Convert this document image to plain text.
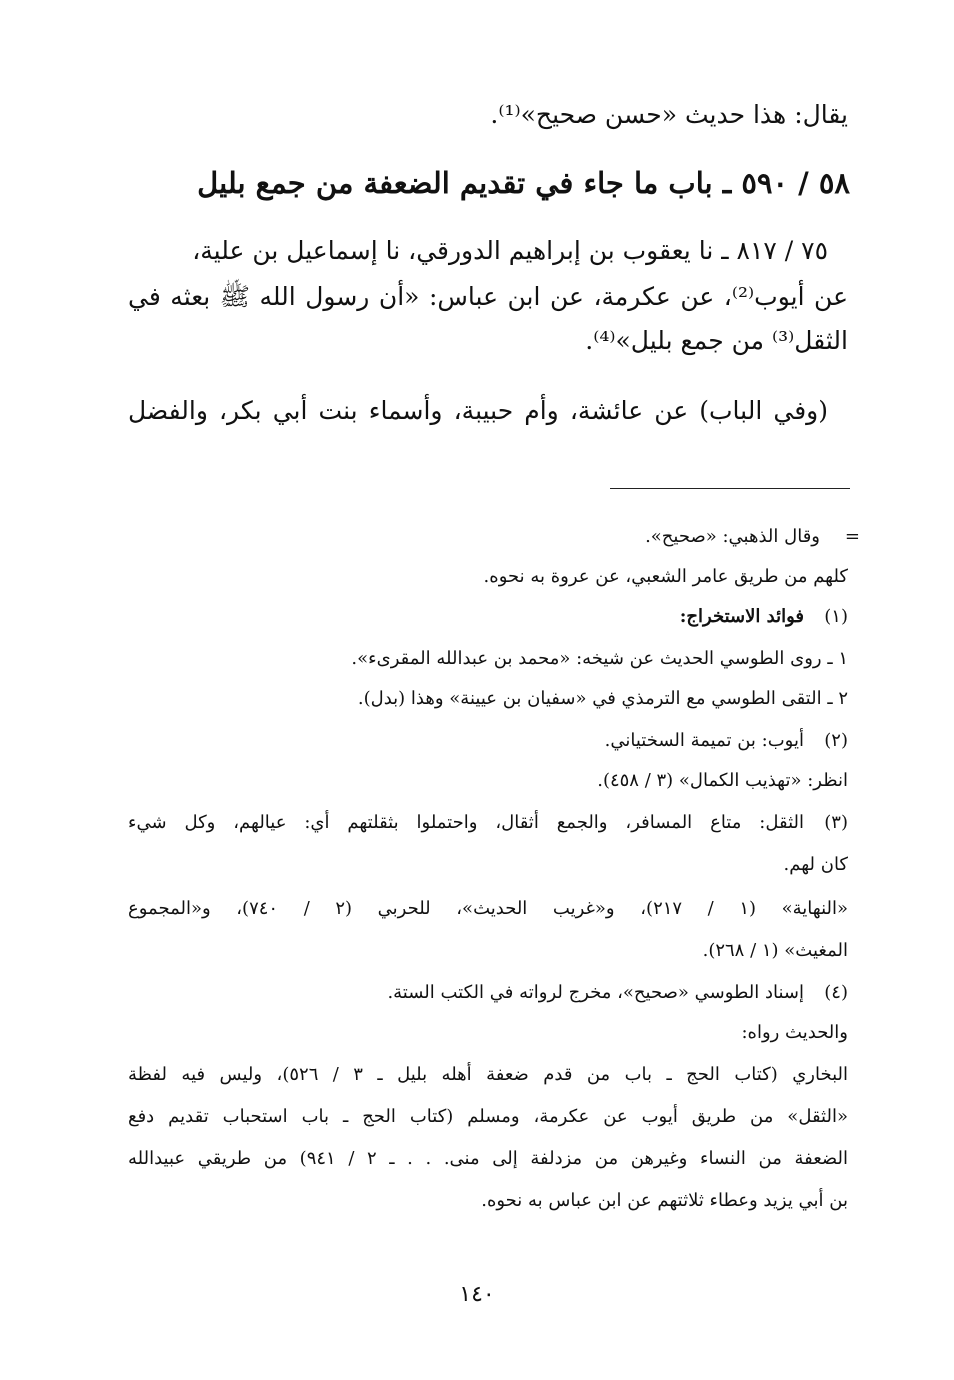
يقال: هذا حديث «حسن صحيح»⁽¹⁾.
٥٨ / ٥٩٠ ـ باب ما جاء في تقديم الضعفة من جمع بليل
٧٥ / ٨١٧ ـ نا يعقوب بن إبراهيم الدورقي، نا إسماعيل بن علية،
عن أيوب⁽²⁾، عن عكرمة، عن ابن عباس: «أن رسول الله ﷺ بعثه في
الثقل⁽³⁾ من جمع بليل»⁽⁴⁾.
(وفي الباب) عن عائشة، وأم حبيبة، وأسماء بنت أبي بكر، والفضل
=
وقال الذهبي: «صحيح».
كلهم من طريق عامر الشعبي، عن عروة به نحوه.
(١)
فوائد الاستخراج:
١ ـ روى الطوسي الحديث عن شيخه: «محمد بن عبدالله المقرىء».
٢ ـ التقى الطوسي مع الترمذي في «سفيان بن عيينة» وهذا (بدل).
(٢)
أيوب: بن تميمة السختياني.
انظر: «تهذيب الكمال» (٣ / ٤٥٨).
(٣)
الثقل: متاع المسافر، والجمع أثقال، واحتملوا بثقلتهم أي: عيالهم، وكل شيء
كان لهم.
«النهاية» (١ / ٢١٧)، و«غريب الحديث»، للحربي (٢ / ٧٤٠)، و«المجموع
المغيث» (١ / ٢٦٨).
(٤)
إسناد الطوسي «صحيح»، مخرج لرواته في الكتب الستة.
والحديث رواه:
البخاري (كتاب الحج ـ باب من قدم ضعفة أهله بليل ـ ٣ / ٥٢٦)، وليس فيه لفظة
«الثقل» من طريق أيوب عن عكرمة، ومسلم (كتاب الحج ـ باب استحباب تقديم دفع
الضعفة من النساء وغيرهن من مزدلفة إلى منى. . . ـ ٢ / ٩٤١) من طريقي عبيدالله
بن أبي يزيد وعطاء ثلاثتهم عن ابن عباس به نحوه.
١٤٠
